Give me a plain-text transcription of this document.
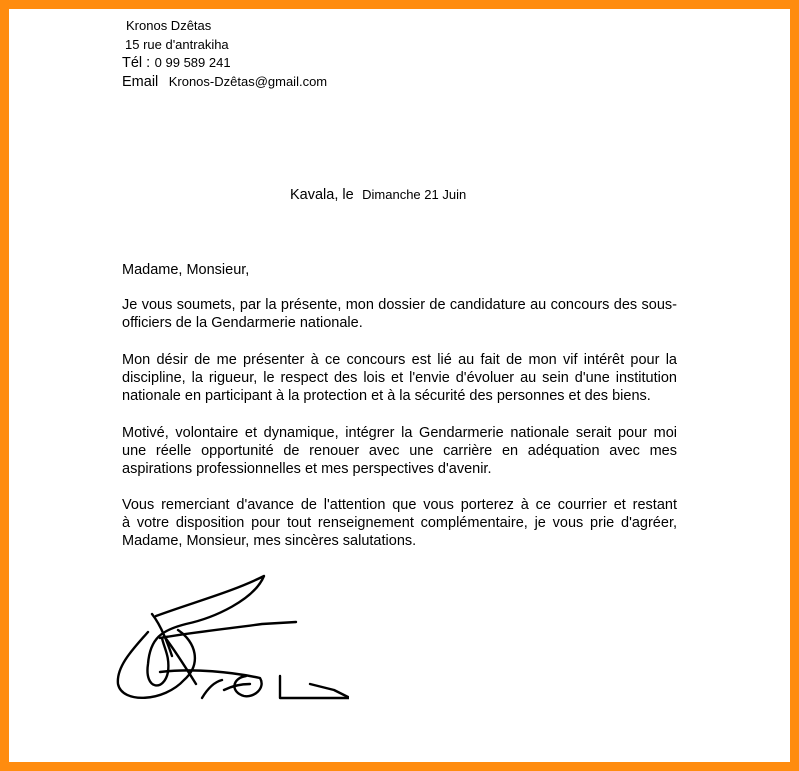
Kronos Dzêtas
15 rue d'antrakiha
Tél : 0 99 589 241
Email Kronos-Dzêtas@gmail.com
Kavala, le Dimanche 21 Juin
Madame, Monsieur,
Je vous soumets, par la présente, mon dossier de candidature au concours des sous-
officiers de la Gendarmerie nationale.
Mon désir de me présenter à ce concours est lié au fait de mon vif intérêt pour la
discipline, la rigueur, le respect des lois et l'envie d'évoluer au sein d'une institution
nationale en participant à la protection et à la sécurité des personnes et des biens.
Motivé, volontaire et dynamique, intégrer la Gendarmerie nationale serait pour moi
une réelle opportunité de renouer avec une carrière en adéquation avec mes
aspirations professionnelles et mes perspectives d'avenir.
Vous remerciant d'avance de l'attention que vous porterez à ce courrier et restant
à votre disposition pour tout renseignement complémentaire, je vous prie d'agréer,
Madame, Monsieur, mes sincères salutations.
